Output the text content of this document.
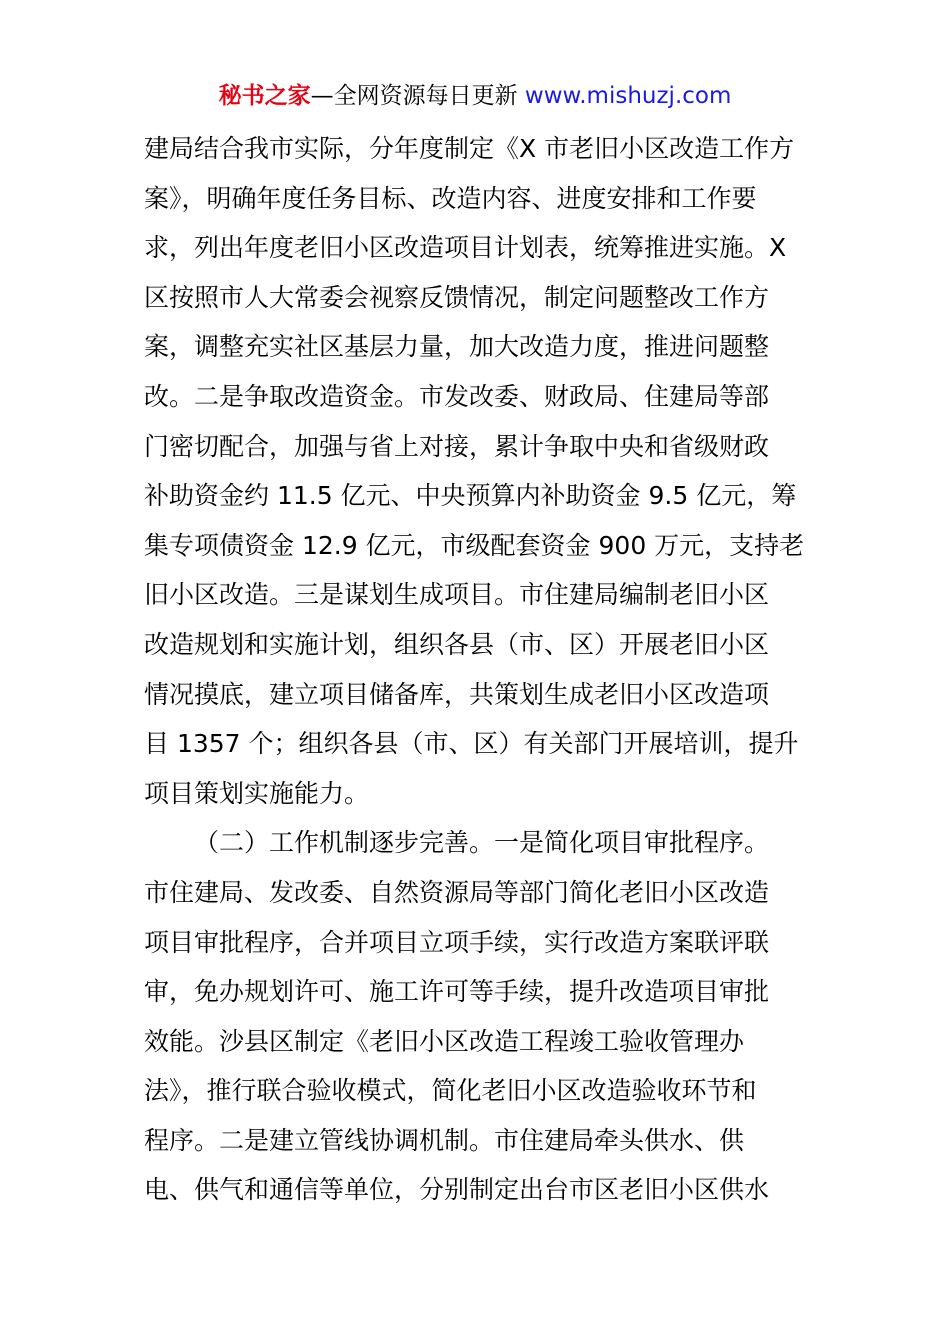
秘书之家—全网资源每日更新 www.mishuzj.com
建局结合我市实际，分年度制定《X 市老旧小区改造工作方
案》，明确年度任务目标、改造内容、进度安排和工作要
求，列出年度老旧小区改造项目计划表，统筹推进实施。X
区按照市人大常委会视察反馈情况，制定问题整改工作方
案，调整充实社区基层力量，加大改造力度，推进问题整
改。二是争取改造资金。市发改委、财政局、住建局等部
门密切配合，加强与省上对接，累计争取中央和省级财政
补助资金约 11.5 亿元、中央预算内补助资金 9.5 亿元，筹
集专项债资金 12.9 亿元，市级配套资金 900 万元，支持老
旧小区改造。三是谋划生成项目。市住建局编制老旧小区
改造规划和实施计划，组织各县（市、区）开展老旧小区
情况摸底，建立项目储备库，共策划生成老旧小区改造项
目 1357 个；组织各县（市、区）有关部门开展培训，提升
项目策划实施能力。
（二）工作机制逐步完善。一是简化项目审批程序。
市住建局、发改委、自然资源局等部门简化老旧小区改造
项目审批程序，合并项目立项手续，实行改造方案联评联
审，免办规划许可、施工许可等手续，提升改造项目审批
效能。沙县区制定《老旧小区改造工程竣工验收管理办
法》，推行联合验收模式，简化老旧小区改造验收环节和
程序。二是建立管线协调机制。市住建局牵头供水、供
电、供气和通信等单位，分别制定出台市区老旧小区供水
